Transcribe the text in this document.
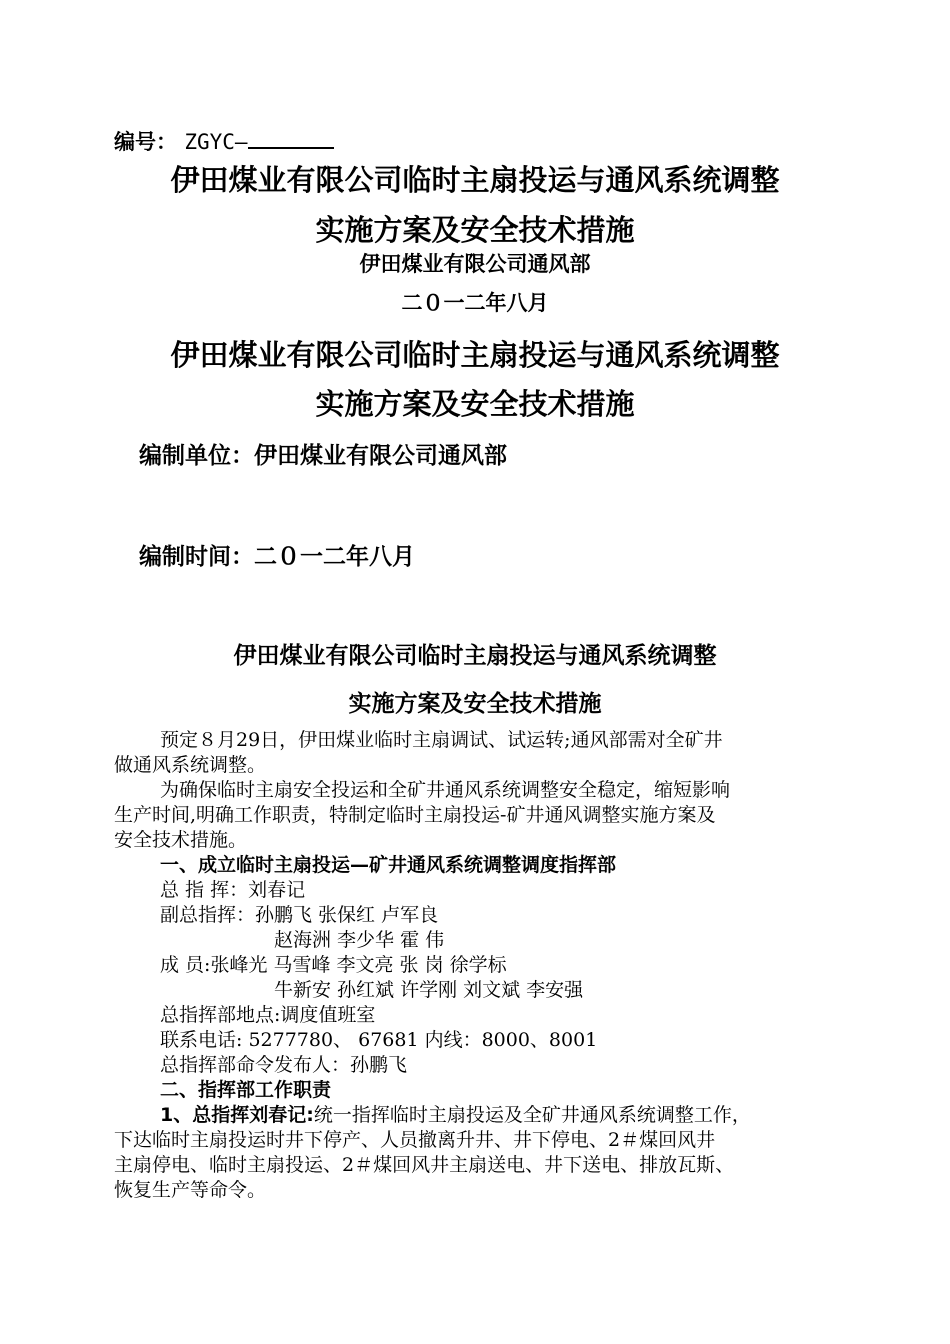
编号： ZGYC—
伊田煤业有限公司临时主扇投运与通风系统调整
实施方案及安全技术措施
伊田煤业有限公司通风部
二０一二年八月
伊田煤业有限公司临时主扇投运与通风系统调整
实施方案及安全技术措施
编制单位：伊田煤业有限公司通风部
编制时间：二０一二年八月
伊田煤业有限公司临时主扇投运与通风系统调整
实施方案及安全技术措施
预定８月29日，伊田煤业临时主扇调试、试运转;通风部需对全矿井
做通风系统调整。
为确保临时主扇安全投运和全矿井通风系统调整安全稳定，缩短影响
生产时间,明确工作职责，特制定临时主扇投运-矿井通风调整实施方案及
安全技术措施。
一、成立临时主扇投运—矿井通风系统调整调度指挥部
总 指 挥：刘春记
副总指挥：孙鹏飞 张保红 卢军良
赵海洲 李少华 霍 伟
成 员:张峰光 马雪峰 李文亮 张 岗 徐学标
牛新安 孙红斌 许学刚 刘文斌 李安强
总指挥部地点:调度值班室
联系电话: 5277780、 67681 内线：8000、8001
总指挥部命令发布人：孙鹏飞
二、指挥部工作职责
1、总指挥刘春记:统一指挥临时主扇投运及全矿井通风系统调整工作，
下达临时主扇投运时井下停产、人员撤离升井、井下停电、2＃煤回风井
主扇停电、临时主扇投运、2＃煤回风井主扇送电、井下送电、排放瓦斯、
恢复生产等命令。
